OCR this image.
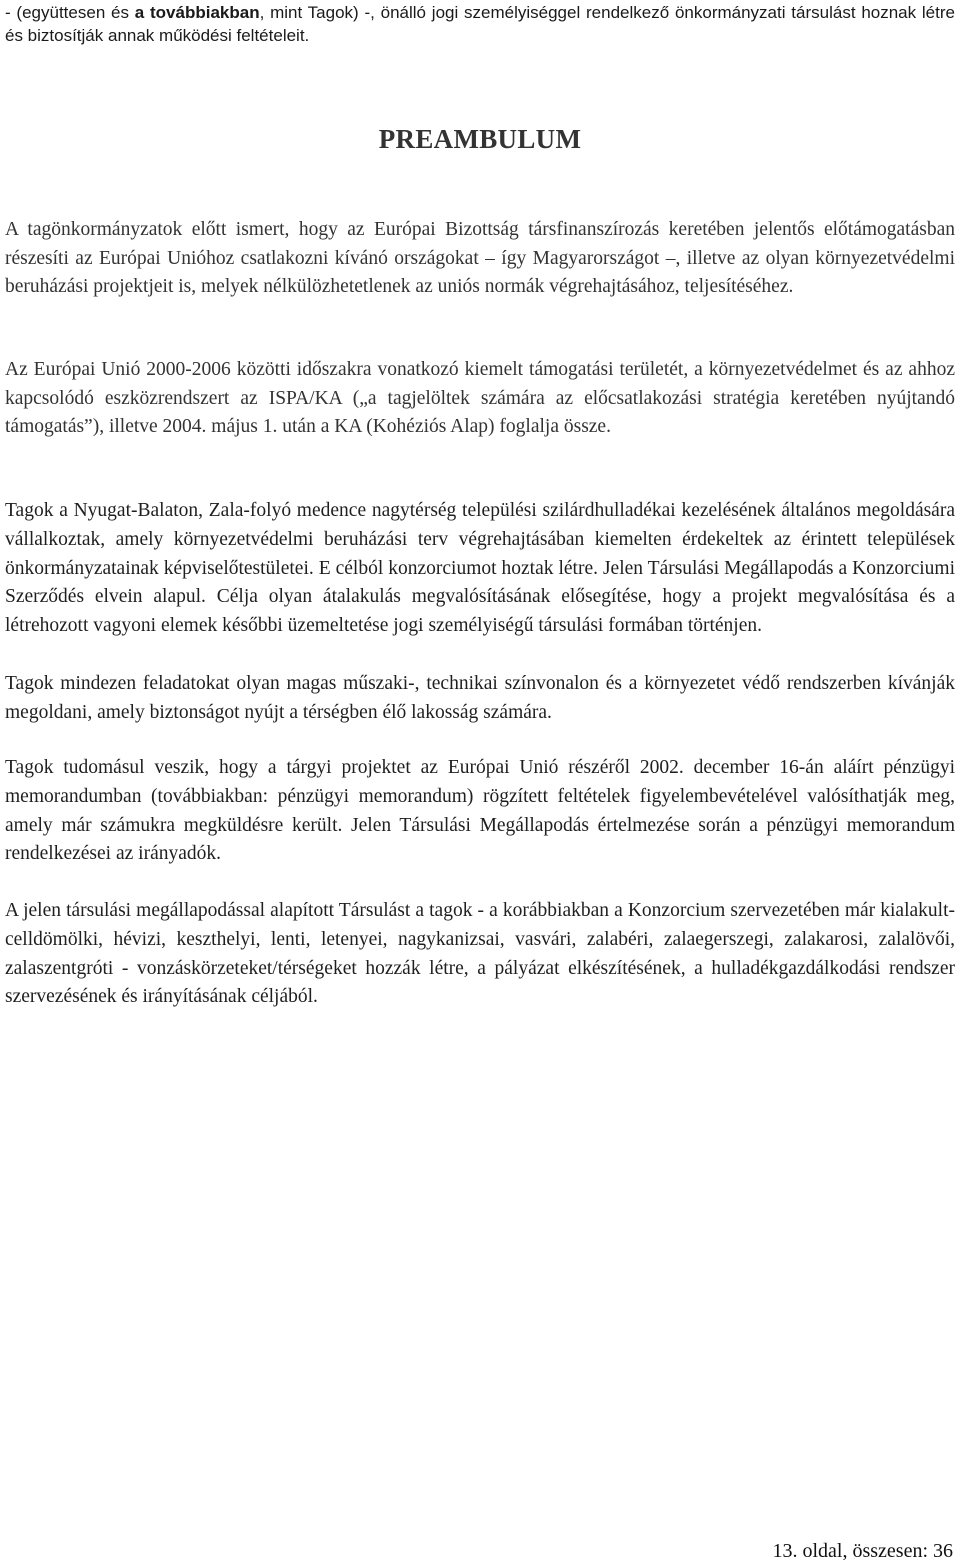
- (együttesen és a továbbiakban, mint Tagok) -, önálló jogi személyiséggel rendelkező önkormányzati társulást hoznak létre és biztosítják annak működési feltételeit.

PREAMBULUM

A tagönkormányzatok előtt ismert, hogy az Európai Bizottság társfinanszírozás keretében jelentős előtámogatásban részesíti az Európai Unióhoz csatlakozni kívánó országokat – így Magyarországot –, illetve az olyan környezetvédelmi beruházási projektjeit is, melyek nélkülözhetetlenek az uniós normák végrehajtásához, teljesítéséhez.

Az Európai Unió 2000-2006 közötti időszakra vonatkozó kiemelt támogatási területét, a környezetvédelmet és az ahhoz kapcsolódó eszközrendszert az ISPA/KA („a tagjelöltek számára az előcsatlakozási stratégia keretében nyújtandó támogatás”), illetve 2004. május 1. után a KA (Kohéziós Alap) foglalja össze.

Tagok a Nyugat-Balaton, Zala-folyó medence nagytérség települési szilárdhulladékai kezelésének általános megoldására vállalkoztak, amely környezetvédelmi beruházási terv végrehajtásában kiemelten érdekeltek az érintett települések önkormányzatainak képviselőtestületei. E célból konzorciumot hoztak létre. Jelen Társulási Megállapodás a Konzorciumi Szerződés elvein alapul. Célja olyan átalakulás megvalósításának elősegítése, hogy a projekt megvalósítása és a létrehozott vagyoni elemek későbbi üzemeltetése jogi személyiségű társulási formában történjen.

Tagok mindezen feladatokat olyan magas műszaki-, technikai színvonalon és a környezetet védő rendszerben kívánják megoldani, amely biztonságot nyújt a térségben élő lakosság számára.

Tagok tudomásul veszik, hogy a tárgyi projektet az Európai Unió részéről 2002. december 16-án aláírt pénzügyi memorandumban (továbbiakban: pénzügyi memorandum) rögzített feltételek figyelembevételével valósíthatják meg, amely már számukra megküldésre került. Jelen Társulási Megállapodás értelmezése során a pénzügyi memorandum rendelkezései az irányadók.

A jelen társulási megállapodással alapított Társulást a tagok - a korábbiakban a Konzorcium szervezetében már kialakult- celldömölki, hévizi, keszthelyi, lenti, letenyei, nagykanizsai, vasvári, zalabéri, zalaegerszegi, zalakarosi, zalalövői, zalaszentgróti - vonzáskörzeteket/térségeket hozzák létre, a pályázat elkészítésének, a hulladékgazdálkodási rendszer szervezésének és irányításának céljából.

13. oldal, összesen: 36
